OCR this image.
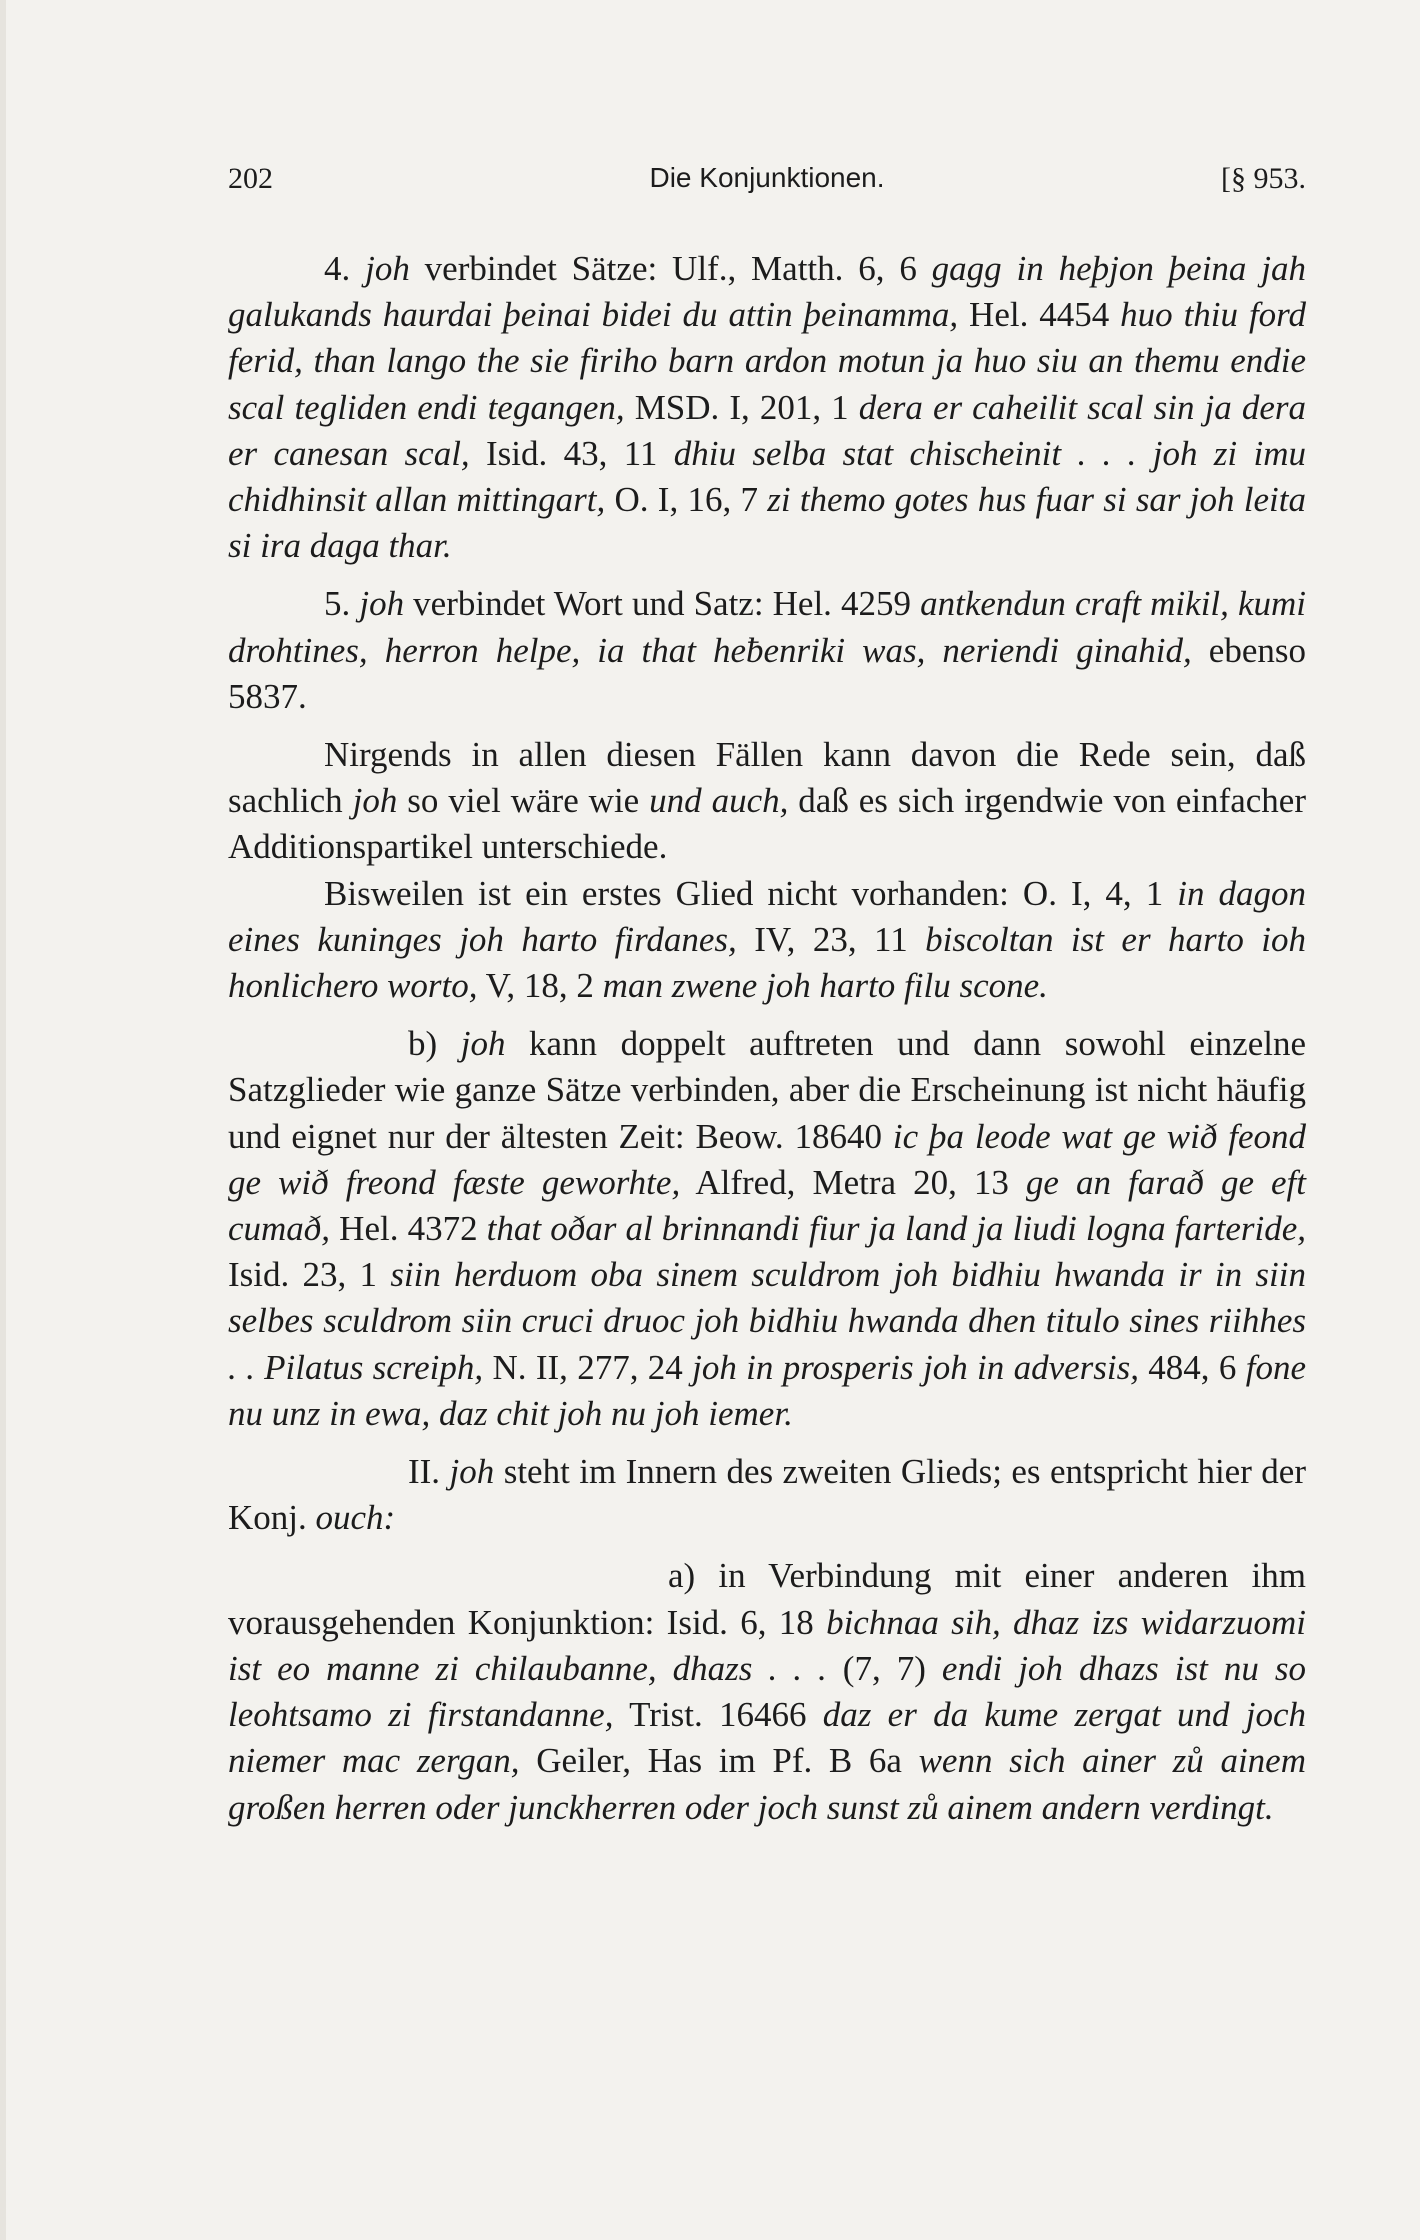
202	Die Konjunktionen.	[§ 953.

4. joh verbindet Sätze: Ulf., Matth. 6, 6 gagg in heþjon þeina jah galukands haurdai þeinai bidei du attin þeinamma, Hel. 4454 huo thiu ford ferid, than lango the sie firiho barn ardon motun ja huo siu an themu endie scal tegliden endi tegangen, MSD. I, 201, 1 dera er caheilit scal sin ja dera er canesan scal, Isid. 43, 11 dhiu selba stat chischeinit . . . joh zi imu chidhinsit allan mittingart, O. I, 16, 7 zi themo gotes hus fuar si sar joh leita si ira daga thar.

5. joh verbindet Wort und Satz: Hel. 4259 antkendun craft mikil, kumi drohtines, herron helpe, ia that heƀenriki was, neriendi ginahid, ebenso 5837.

Nirgends in allen diesen Fällen kann davon die Rede sein, daß sachlich joh so viel wäre wie und auch, daß es sich irgendwie von einfacher Additionspartikel unterschiede.

Bisweilen ist ein erstes Glied nicht vorhanden: O. I, 4, 1 in dagon eines kuninges joh harto firdanes, IV, 23, 11 biscoltan ist er harto ioh honlichero worto, V, 18, 2 man zwene joh harto filu scone.

b) joh kann doppelt auftreten und dann sowohl einzelne Satzglieder wie ganze Sätze verbinden, aber die Erscheinung ist nicht häufig und eignet nur der ältesten Zeit: Beow. 18640 ic þa leode wat ge wið feond ge wið freond fæste geworhte, Alfred, Metra 20, 13 ge an farað ge eft cumað, Hel. 4372 that oðar al brinnandi fiur ja land ja liudi logna farteride, Isid. 23, 1 siin herduom oba sinem sculdrom joh bidhiu hwanda ir in siin selbes sculdrom siin cruci druoc joh bidhiu hwanda dhen titulo sines riihhes . . Pilatus screiph, N. II, 277, 24 joh in prosperis joh in adversis, 484, 6 fone nu unz in ewa, daz chit joh nu joh iemer.

II. joh steht im Innern des zweiten Glieds; es entspricht hier der Konj. ouch:

a) in Verbindung mit einer anderen ihm vorausgehenden Konjunktion: Isid. 6, 18 bichnaa sih, dhaz izs widarzuomi ist eo manne zi chilaubanne, dhazs . . . (7, 7) endi joh dhazs ist nu so leohtsamo zi firstandanne, Trist. 16466 daz er da kume zergat und joch niemer mac zergan, Geiler, Has im Pf. B 6a wenn sich ainer zů ainem großen herren oder junckherren oder joch sunst zů ainem andern verdingt.
